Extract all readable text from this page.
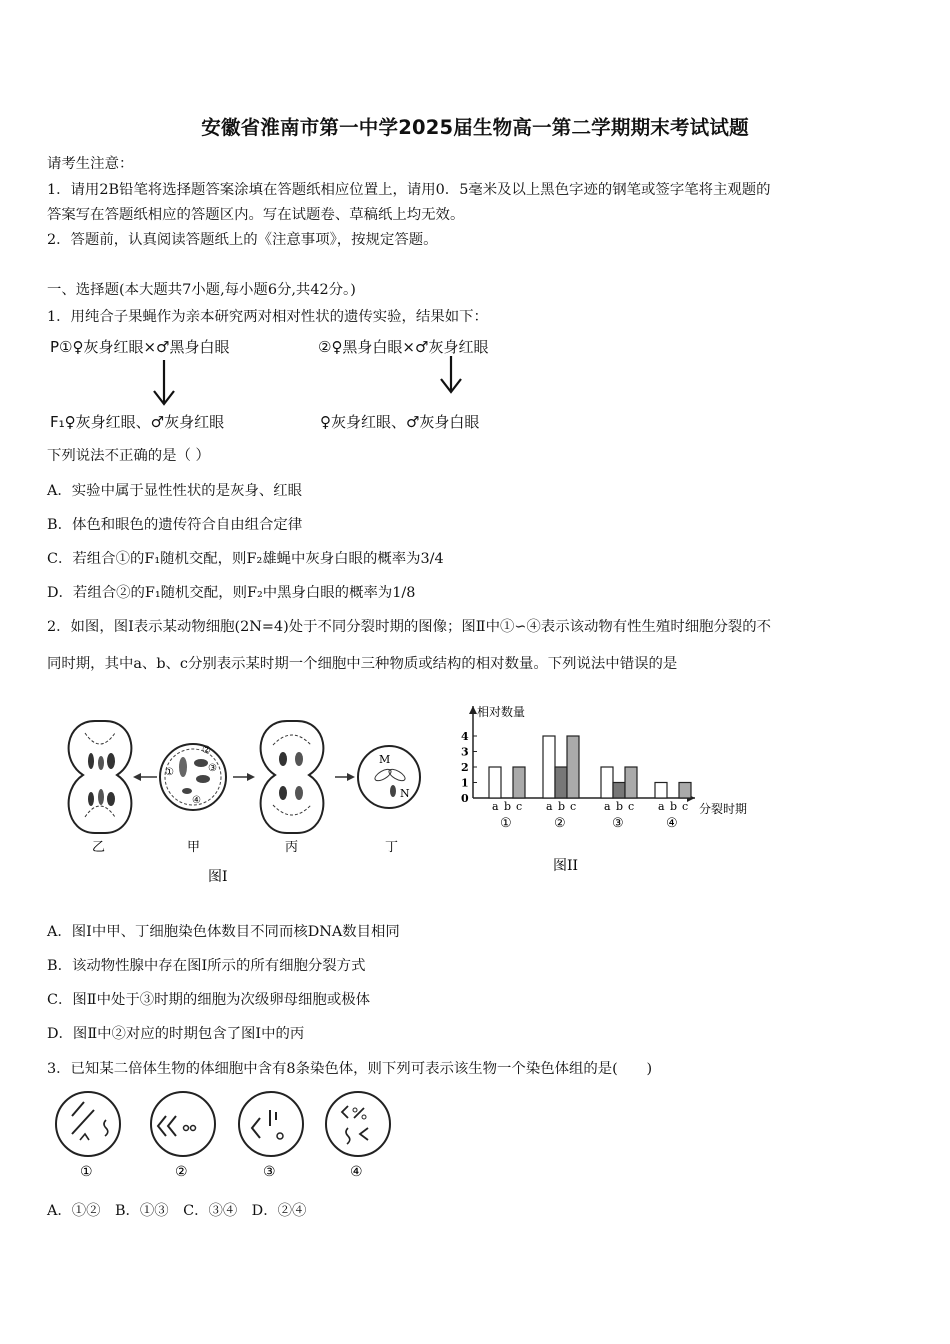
安徽省淮南市第一中学2025届生物高一第二学期期末考试试题
请考生注意：
1．请用2B铅笔将选择题答案涂填在答题纸相应位置上，请用0．5毫米及以上黑色字迹的钢笔或签字笔将主观题的
答案写在答题纸相应的答题区内。写在试题卷、草稿纸上均无效。
2．答题前，认真阅读答题纸上的《注意事项》，按规定答题。
一、选择题(本大题共7小题,每小题6分,共42分。)
1．用纯合子果蝇作为亲本研究两对相对性状的遗传实验，结果如下：
P①♀灰身红眼×♂黑身白眼	②♀黑身白眼×♂灰身红眼
F₁♀灰身红眼、♂灰身红眼	♀灰身红眼、♂灰身白眼
下列说法不正确的是（ ）
A．实验中属于显性性状的是灰身、红眼
B．体色和眼色的遗传符合自由组合定律
C．若组合①的F₁随机交配，则F₂雄蝇中灰身白眼的概率为3/4
D．若组合②的F₁随机交配，则F₂中黑身白眼的概率为1/8
2．如图，图Ⅰ表示某动物细胞(2N=4)处于不同分裂时期的图像；图Ⅱ中①∽④表示该动物有性生殖时细胞分裂的不
同时期，其中a、b、c分别表示某时期一个细胞中三种物质或结构的相对数量。下列说法中错误的是
①
②
③
④
M
N
乙	甲	丙	丁
图I
相对数量
分裂时期
图II
0
1
2
3
4
a b c
①
a b c
②
a b c
③
a b c
④
A．图Ⅰ中甲、丁细胞染色体数目不同而核DNA数目相同
B．该动物性腺中存在图Ⅰ所示的所有细胞分裂方式
C．图Ⅱ中处于③时期的细胞为次级卵母细胞或极体
D．图Ⅱ中②对应的时期包含了图Ⅰ中的丙
3．已知某二倍体生物的体细胞中含有8条染色体，则下列可表示该生物一个染色体组的是(　　)
①	②	③	④
A．①②　B．①③　C．③④　D．②④
